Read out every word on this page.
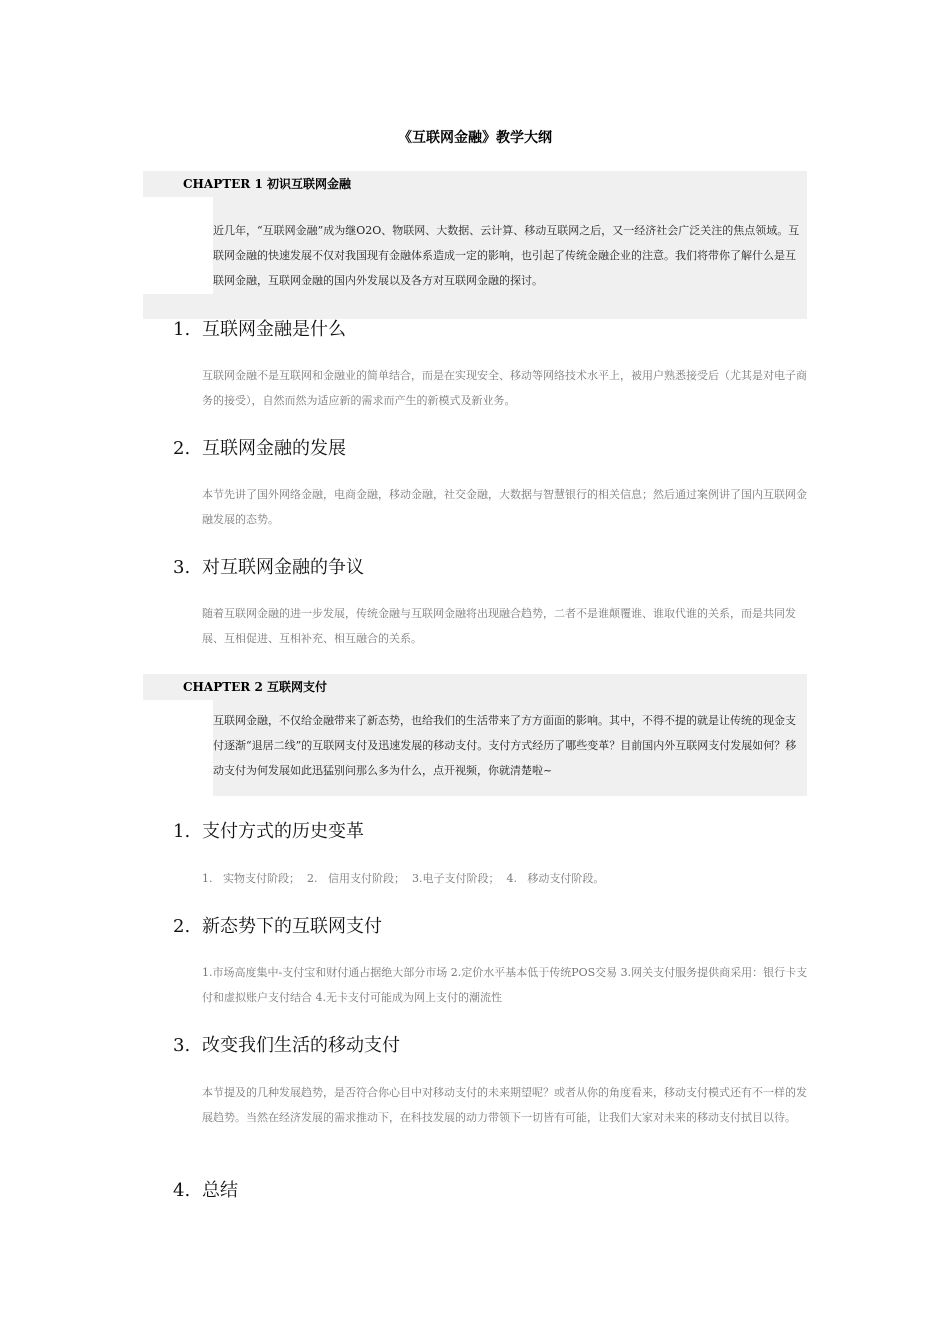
《互联网金融》教学大纲
CHAPTER 1 初识互联网金融
近几年，“互联网金融”成为继O2O、物联网、大数据、云计算、移动互联网之后，又一经济社会广泛关注的焦点领域。互联网金融的快速发展不仅对我国现有金融体系造成一定的影响，也引起了传统金融企业的注意。我们将带你了解什么是互联网金融，互联网金融的国内外发展以及各方对互联网金融的探讨。
1. 互联网金融是什么
互联网金融不是互联网和金融业的简单结合，而是在实现安全、移动等网络技术水平上，被用户熟悉接受后（尤其是对电子商务的接受），自然而然为适应新的需求而产生的新模式及新业务。
2. 互联网金融的发展
本节先讲了国外网络金融，电商金融，移动金融，社交金融，大数据与智慧银行的相关信息；然后通过案例讲了国内互联网金融发展的态势。
3. 对互联网金融的争议
随着互联网金融的进一步发展，传统金融与互联网金融将出现融合趋势，二者不是谁颠覆谁、谁取代谁的关系，而是共同发展、互相促进、互相补充、相互融合的关系。
CHAPTER 2 互联网支付
互联网金融，不仅给金融带来了新态势，也给我们的生活带来了方方面面的影响。其中，不得不提的就是让传统的现金支付逐渐“退居二线”的互联网支付及迅速发展的移动支付。支付方式经历了哪些变革？目前国内外互联网支付发展如何？移动支付为何发展如此迅猛别问那么多为什么，点开视频，你就清楚啦~
1. 支付方式的历史变革
1.   实物支付阶段；  2.   信用支付阶段；  3.电子支付阶段；  4.   移动支付阶段。
2. 新态势下的互联网支付
1.市场高度集中-支付宝和财付通占据绝大部分市场 2.定价水平基本低于传统POS交易 3.网关支付服务提供商采用：银行卡支付和虚拟账户支付结合 4.无卡支付可能成为网上支付的潮流性
3. 改变我们生活的移动支付
本节提及的几种发展趋势，是否符合你心目中对移动支付的未来期望呢？或者从你的角度看来，移动支付模式还有不一样的发展趋势。当然在经济发展的需求推动下，在科技发展的动力带领下一切皆有可能，让我们大家对未来的移动支付拭目以待。
4. 总结
